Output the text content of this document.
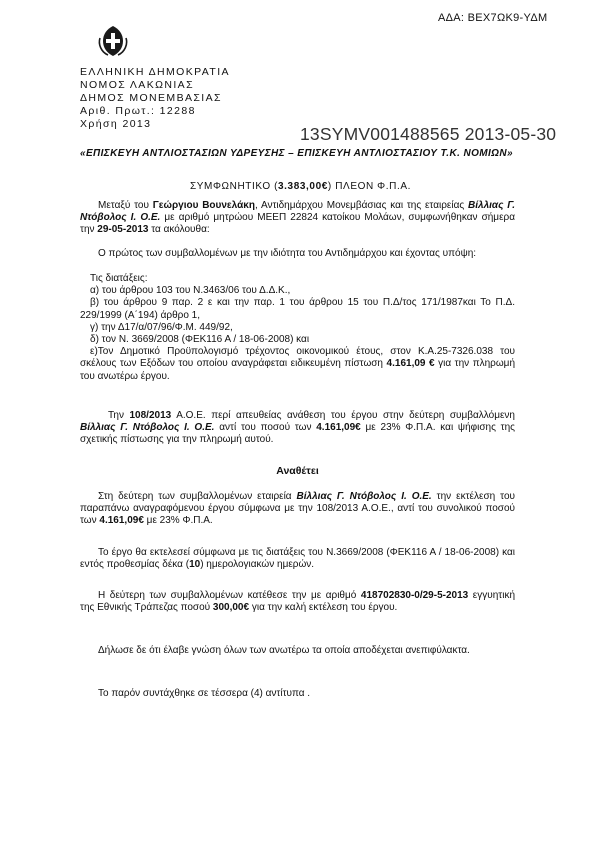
ΑΔΑ: ΒΕΧ7ΩΚ9-ΥΔΜ
ΕΛΛΗΝΙΚΗ ΔΗΜΟΚΡΑΤΙΑ
ΝΟΜΟΣ ΛΑΚΩΝΙΑΣ
ΔΗΜΟΣ ΜΟΝΕΜΒΑΣΙΑΣ
Αριθ. Πρωτ.: 12288
Χρήση 2013	13SYMV001488565 2013-05-30
«ΕΠΙΣΚΕΥΗ ΑΝΤΛΙΟΣΤΑΣΙΩΝ ΥΔΡΕΥΣΗΣ – ΕΠΙΣΚΕΥΗ ΑΝΤΛΙΟΣΤΑΣΙΟΥ Τ.Κ. ΝΟΜΙΩΝ»
ΣΥΜΦΩΝΗΤΙΚΟ (3.383,00€) ΠΛΕΟΝ Φ.Π.Α.
Μεταξύ του Γεώργιου Βουνελάκη, Αντιδημάρχου Μονεμβάσιας και της εταιρείας Βίλλιας Γ. Ντόβολος Ι. Ο.Ε. με αριθμό μητρώου ΜΕΕΠ 22824 κατοίκου Μολάων, συμφωνήθηκαν σήμερα την 29-05-2013 τα ακόλουθα:
Ο πρώτος των συμβαλλομένων με την ιδιότητα του Αντιδημάρχου και έχοντας υπόψη:
Τις διατάξεις:
α) του άρθρου 103 του Ν.3463/06 του Δ.Δ.Κ.,
β) του άρθρου 9 παρ. 2 ε και την παρ. 1 του άρθρου 15 του Π.Δ/τος 171/1987και Το Π.Δ. 229/1999 (Α΄194) άρθρο 1,
γ) την Δ17/α/07/96/Φ.Μ. 449/92,
δ) τον Ν. 3669/2008 (ΦΕΚ116 Α / 18-06-2008) και
ε)Τον Δημοτικό Προϋπολογισμό τρέχοντος οικονομικού έτους, στον Κ.Α.25-7326.038 του σκέλους των Εξόδων του οποίου αναγράφεται ειδικευμένη πίστωση 4.161,09 € για την πληρωμή του ανωτέρω έργου.
Την 108/2013 Α.Ο.Ε. περί απευθείας ανάθεση του έργου στην δεύτερη συμβαλλόμενη Βίλλιας Γ. Ντόβολος Ι. Ο.Ε. αντί του ποσού των 4.161,09€ με 23% Φ.Π.Α. και ψήφισης της σχετικής πίστωσης για την πληρωμή αυτού.
Αναθέτει
Στη δεύτερη των συμβαλλομένων εταιρεία Βίλλιας Γ. Ντόβολος Ι. Ο.Ε. την εκτέλεση του παραπάνω αναγραφόμενου έργου σύμφωνα με την 108/2013 Α.Ο.Ε., αντί του συνολικού ποσού των 4.161,09€ με 23% Φ.Π.Α.
Το έργο θα εκτελεσεί σύμφωνα με τις διατάξεις του Ν.3669/2008 (ΦΕΚ116 Α / 18-06-2008) και εντός προθεσμίας δέκα (10) ημερολογιακών ημερών.
Η δεύτερη των συμβαλλομένων κατέθεσε την με αριθμό 418702830-0/29-5-2013 εγγυητική της Εθνικής Τράπεζας ποσού 300,00€ για την καλή εκτέλεση του έργου.
Δήλωσε δε ότι έλαβε γνώση όλων των ανωτέρω τα οποία αποδέχεται ανεπιφύλακτα.
Το παρόν συντάχθηκε σε τέσσερα (4) αντίτυπα .
